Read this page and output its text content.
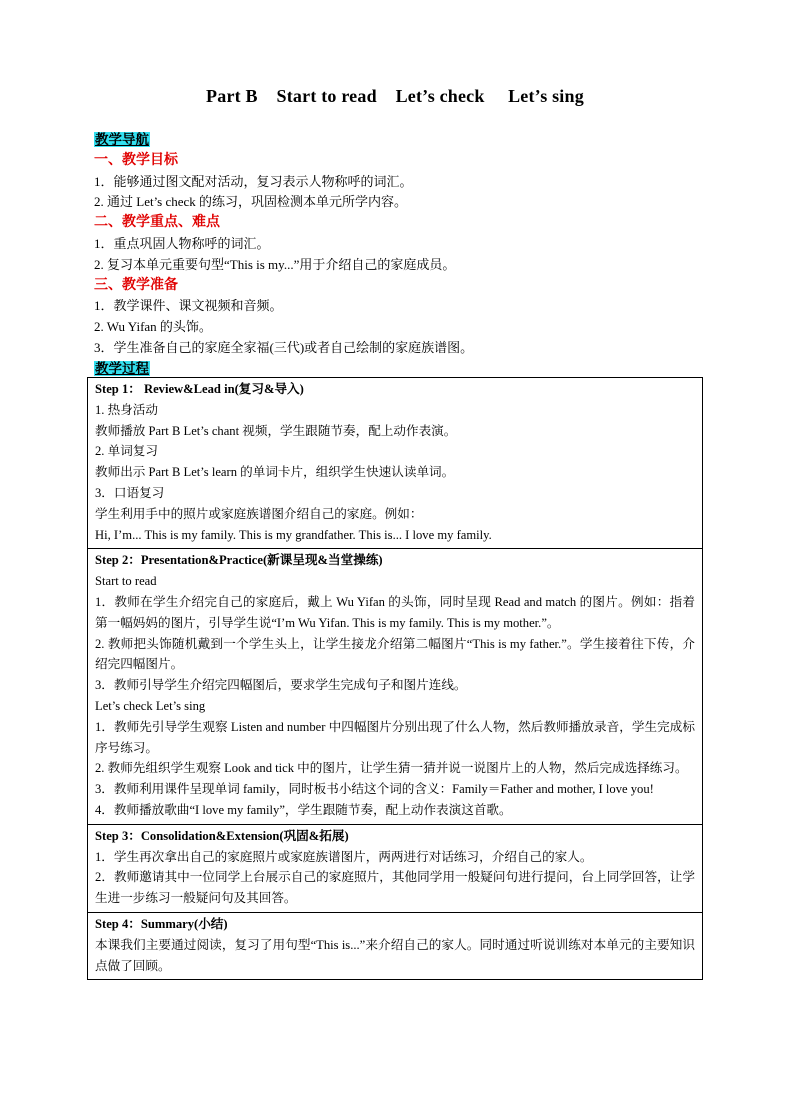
Part B    Start to read    Let’s check     Let’s sing
教学导航
一、教学目标
1．能够通过图文配对活动，复习表示人物称呼的词汇。
2. 通过 Let’s check 的练习，巩固检测本单元所学内容。
二、教学重点、难点
1．重点巩固人物称呼的词汇。
2. 复习本单元重要句型“This is my...”用于介绍自己的家庭成员。
三、教学准备
1．教学课件、课文视频和音频。
2. Wu Yifan 的头饰。
3．学生准备自己的家庭全家福(三代)或者自己绘制的家庭族谱图。
教学过程
Step 1： Review&Lead in(复习&导入)
1. 热身活动
教师播放 Part B Let’s chant 视频，学生跟随节奏，配上动作表演。
2. 单词复习
教师出示 Part B Let’s learn 的单词卡片，组织学生快速认读单词。
3．口语复习
学生利用手中的照片或家庭族谱图介绍自己的家庭。例如：
Hi, I’m... This is my family. This is my grandfather. This is... I love my family.

Step 2：Presentation&Practice(新课呈现&当堂操练)
Start to read
1．教师在学生介绍完自己的家庭后，戴上 Wu Yifan 的头饰，同时呈现 Read and match 的图片。例如：指着第一幅妈妈的图片，引导学生说“I’m Wu Yifan. This is my family. This is my mother.”。
2. 教师把头饰随机戴到一个学生头上，让学生接龙介绍第二幅图片“This is my father.”。学生接着往下传，介绍完四幅图片。
3．教师引导学生介绍完四幅图后，要求学生完成句子和图片连线。
Let’s check Let’s sing
1．教师先引导学生观察 Listen and number 中四幅图片分别出现了什么人物，然后教师播放录音，学生完成标序号练习。
2. 教师先组织学生观察 Look and tick 中的图片，让学生猜一猜并说一说图片上的人物，然后完成选择练习。
3．教师利用课件呈现单词 family，同时板书小结这个词的含义：Family＝Father and mother, I love you!
4．教师播放歌曲“I love my family”，学生跟随节奏，配上动作表演这首歌。

Step 3：Consolidation&Extension(巩固&拓展)
1．学生再次拿出自己的家庭照片或家庭族谱图片，两两进行对话练习，介绍自己的家人。
2．教师邀请其中一位同学上台展示自己的家庭照片，其他同学用一般疑问句进行提问，台上同学回答，让学生进一步练习一般疑问句及其回答。

Step 4：Summary(小结)
本课我们主要通过阅读，复习了用句型“This is...”来介绍自己的家人。同时通过听说训练对本单元的主要知识点做了回顾。
